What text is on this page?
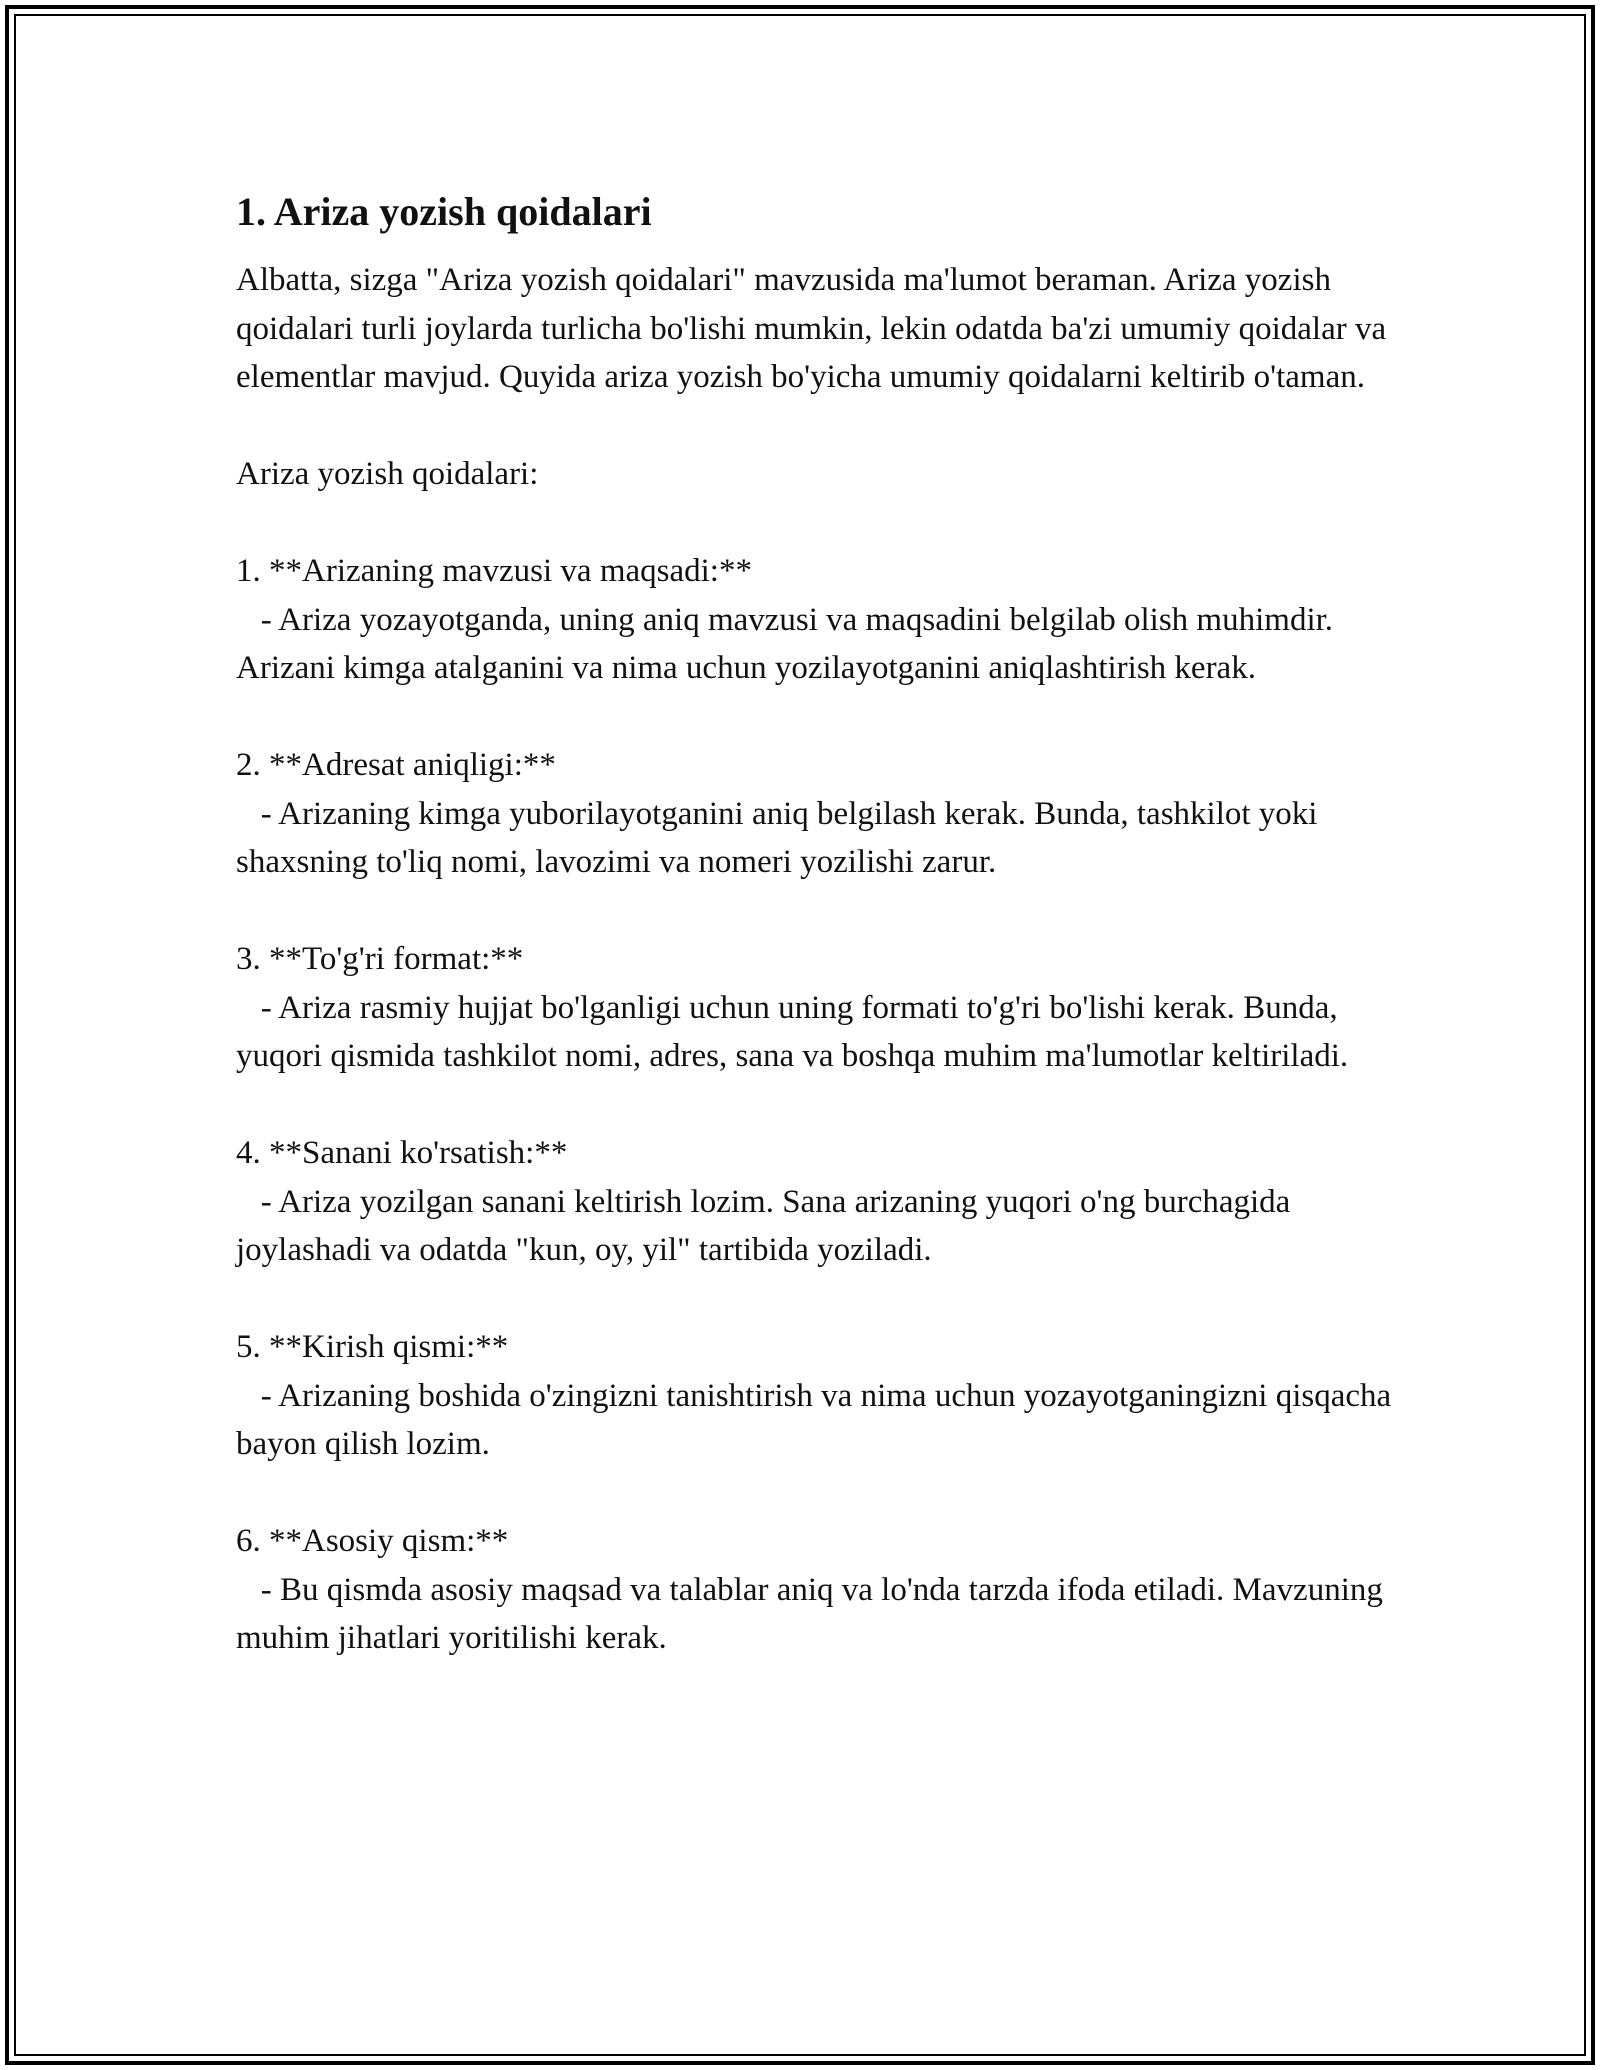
1. Ariza yozish qoidalari

Albatta, sizga "Ariza yozish qoidalari" mavzusida ma'lumot beraman. Ariza yozish qoidalari turli joylarda turlicha bo'lishi mumkin, lekin odatda ba'zi umumiy qoidalar va elementlar mavjud. Quyida ariza yozish bo'yicha umumiy qoidalarni keltirib o'taman.

Ariza yozish qoidalari:

1. **Arizaning mavzusi va maqsadi:**
- Ariza yozayotganda, uning aniq mavzusi va maqsadini belgilab olish muhimdir. Arizani kimga atalganini va nima uchun yozilayotganini aniqlashtirish kerak.
2. **Adresat aniqligi:**
- Arizaning kimga yuborilayotganini aniq belgilash kerak. Bunda, tashkilot yoki shaxsning to'liq nomi, lavozimi va nomeri yozilishi zarur.
3. **To'g'ri format:**
- Ariza rasmiy hujjat bo'lganligi uchun uning formati to'g'ri bo'lishi kerak. Bunda, yuqori qismida tashkilot nomi, adres, sana va boshqa muhim ma'lumotlar keltiriladi.
4. **Sanani ko'rsatish:**
- Ariza yozilgan sanani keltirish lozim. Sana arizaning yuqori o'ng burchagida joylashadi va odatda "kun, oy, yil" tartibida yoziladi.
5. **Kirish qismi:**
- Arizaning boshida o'zingizni tanishtirish va nima uchun yozayotganingizni qisqacha bayon qilish lozim.
6. **Asosiy qism:**
- Bu qismda asosiy maqsad va talablar aniq va lo'nda tarzda ifoda etiladi. Mavzuning muhim jihatlari yoritilishi kerak.
